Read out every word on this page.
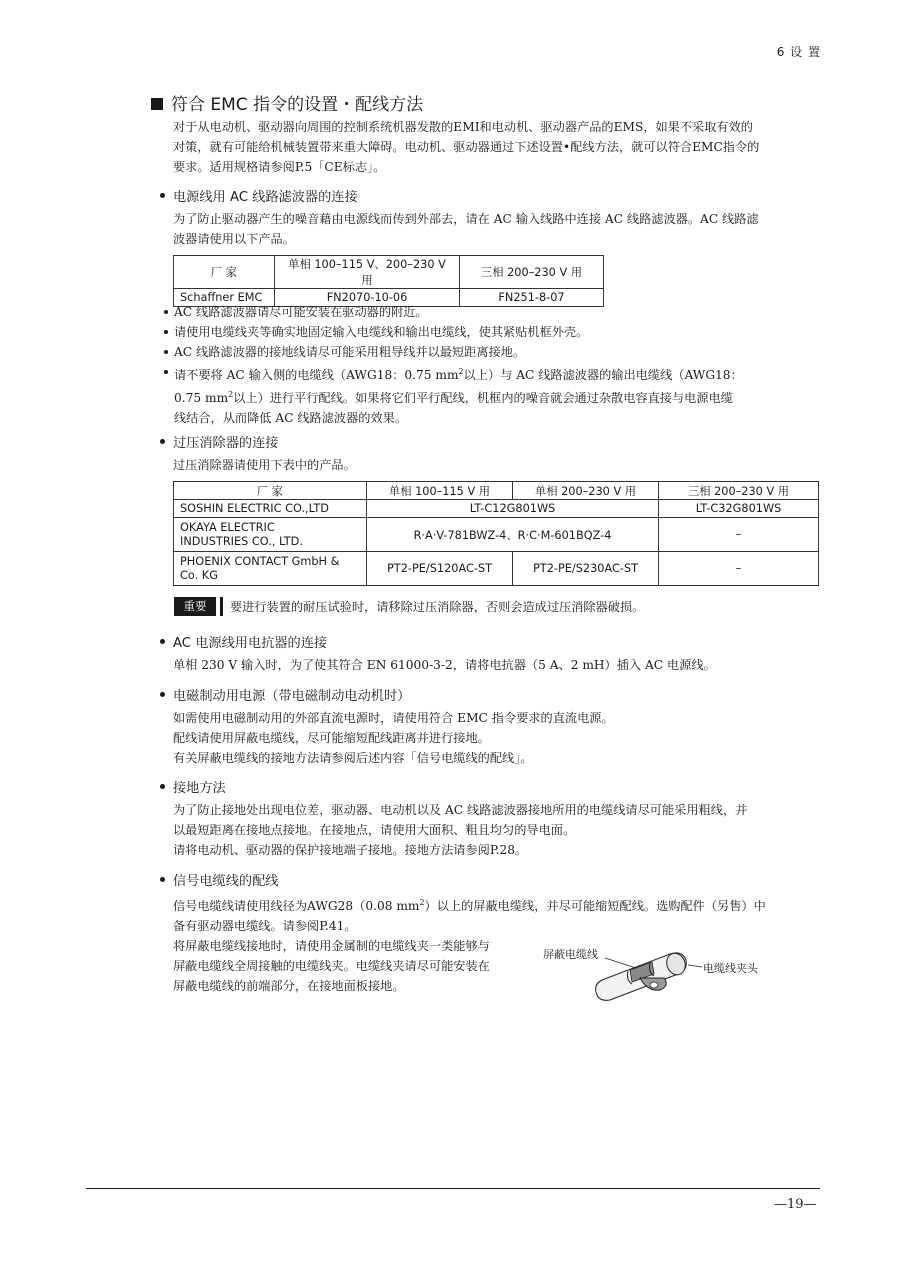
6 设 置
符合 EMC 指令的设置・配线方法
对于从电动机、驱动器向周围的控制系统机器发散的EMI和电动机、驱动器产品的EMS，如果不采取有效的
对策，就有可能给机械装置带来重大障碍。电动机、驱动器通过下述设置•配线方法，就可以符合EMC指令的
要求。适用规格请参阅P.5「CE标志」。
电源线用 AC 线路滤波器的连接
为了防止驱动器产生的噪音藉由电源线而传到外部去，请在 AC 输入线路中连接 AC 线路滤波器。AC 线路滤
波器请使用以下产品。
厂 家	单相 100–115 V、200–230 V 用	三相 200–230 V 用
Schaffner EMC	FN2070-10-06	FN251-8-07
AC 线路滤波器请尽可能安装在驱动器的附近。
请使用电缆线夹等确实地固定输入电缆线和输出电缆线，使其紧贴机框外壳。
AC 线路滤波器的接地线请尽可能采用粗导线并以最短距离接地。
请不要将 AC 输入侧的电缆线（AWG18：0.75 $mm^2$以上）与 AC 线路滤波器的输出电缆线（AWG18：
0.75 $mm^2$以上）进行平行配线。如果将它们平行配线，机框内的噪音就会通过杂散电容直接与电源电缆
线结合，从而降低 AC 线路滤波器的效果。
过压消除器的连接
过压消除器请使用下表中的产品。
厂 家	单相 100–115 V 用	单相 200–230 V 用	三相 200–230 V 用
SOSHIN ELECTRIC CO.,LTD	LT-C12G801WS		LT-C32G801WS

OKAYA ELECTRIC
INDUSTRIES CO., LTD.	R·A·V-781BWZ-4、R·C·M-601BQZ-4		–

PHOENIX CONTACT GmbH &
Co. KG	PT2-PE/S120AC-ST	PT2-PE/S230AC-ST	–
重要	要进行装置的耐压试验时，请移除过压消除器，否则会造成过压消除器破损。
AC 电源线用电抗器的连接
单相 230 V 输入时，为了使其符合 EN 61000-3-2，请将电抗器（5 A、2 mH）插入 AC 电源线。
电磁制动用电源（带电磁制动电动机时）
如需使用电磁制动用的外部直流电源时，请使用符合 EMC 指令要求的直流电源。
配线请使用屏蔽电缆线，尽可能缩短配线距离并进行接地。
有关屏蔽电缆线的接地方法请参阅后述内容「信号电缆线的配线」。
接地方法
为了防止接地处出现电位差，驱动器、电动机以及 AC 线路滤波器接地所用的电缆线请尽可能采用粗线，并
以最短距离在接地点接地。在接地点，请使用大面积、粗且均匀的导电面。
请将电动机、驱动器的保护接地端子接地。接地方法请参阅P.28。
信号电缆线的配线
信号电缆线请使用线径为AWG28（0.08 $mm^2$）以上的屏蔽电缆线，并尽可能缩短配线。选购配件（另售）中
备有驱动器电缆线。请参阅P.41。
将屏蔽电缆线接地时，请使用金属制的电缆线夹一类能够与
屏蔽电缆线全周接触的电缆线夹。电缆线夹请尽可能安装在
屏蔽电缆线的前端部分，在接地面板接地。
屏蔽电缆线
电缆线夹头
—19—
